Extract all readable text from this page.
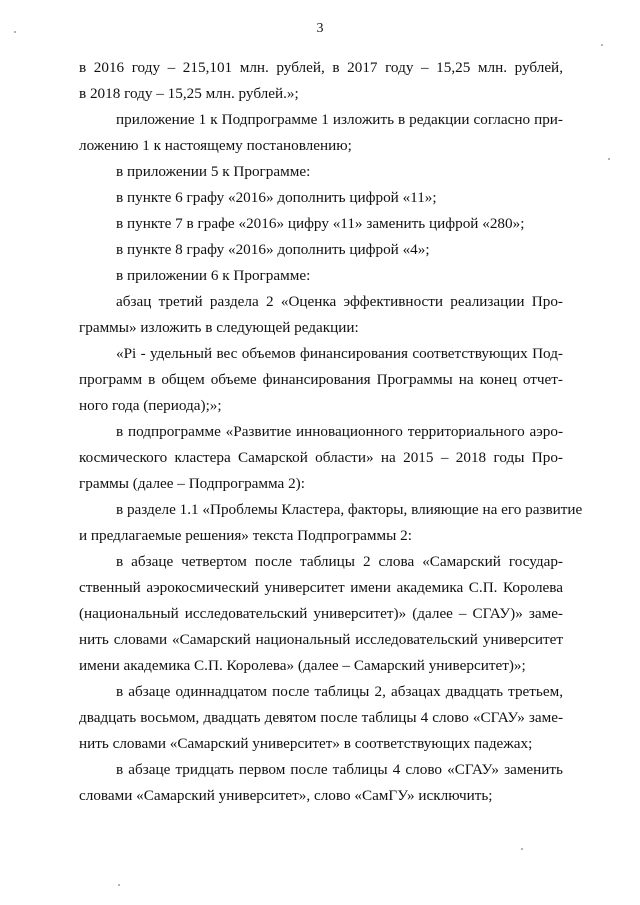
3
в 2016 году – 215,101 млн. рублей, в 2017 году – 15,25 млн. рублей,
в 2018 году – 15,25 млн. рублей.»;
приложение 1 к Подпрограмме 1 изложить в редакции согласно при-
ложению 1 к настоящему постановлению;
в приложении 5 к Программе:
в пункте 6 графу «2016» дополнить цифрой «11»;
в пункте 7 в графе «2016» цифру «11» заменить цифрой «280»;
в пункте 8 графу «2016» дополнить цифрой «4»;
в приложении 6 к Программе:
абзац третий раздела 2 «Оценка эффективности реализации Про-
граммы» изложить в следующей редакции:
«Pi - удельный вес объемов финансирования соответствующих Под-
программ в общем объеме финансирования Программы на конец отчет-
ного года (периода);»;
в подпрограмме «Развитие инновационного территориального аэро-
космического кластера Самарской области» на 2015 – 2018 годы Про-
граммы (далее – Подпрограмма 2):
в разделе 1.1 «Проблемы Кластера, факторы, влияющие на его развитие
и предлагаемые решения» текста Подпрограммы 2:
в абзаце четвертом после таблицы 2 слова «Самарский государ-
ственный аэрокосмический университет имени академика С.П. Королева
(национальный исследовательский университет)» (далее – СГАУ)» заме-
нить словами «Самарский национальный исследовательский университет
имени академика С.П. Королева» (далее – Самарский университет)»;
в абзаце одиннадцатом после таблицы 2, абзацах двадцать третьем,
двадцать восьмом, двадцать девятом после таблицы 4 слово «СГАУ» заме-
нить словами «Самарский университет» в соответствующих падежах;
в абзаце тридцать первом после таблицы 4 слово «СГАУ» заменить
словами «Самарский университет», слово «СамГУ» исключить;
